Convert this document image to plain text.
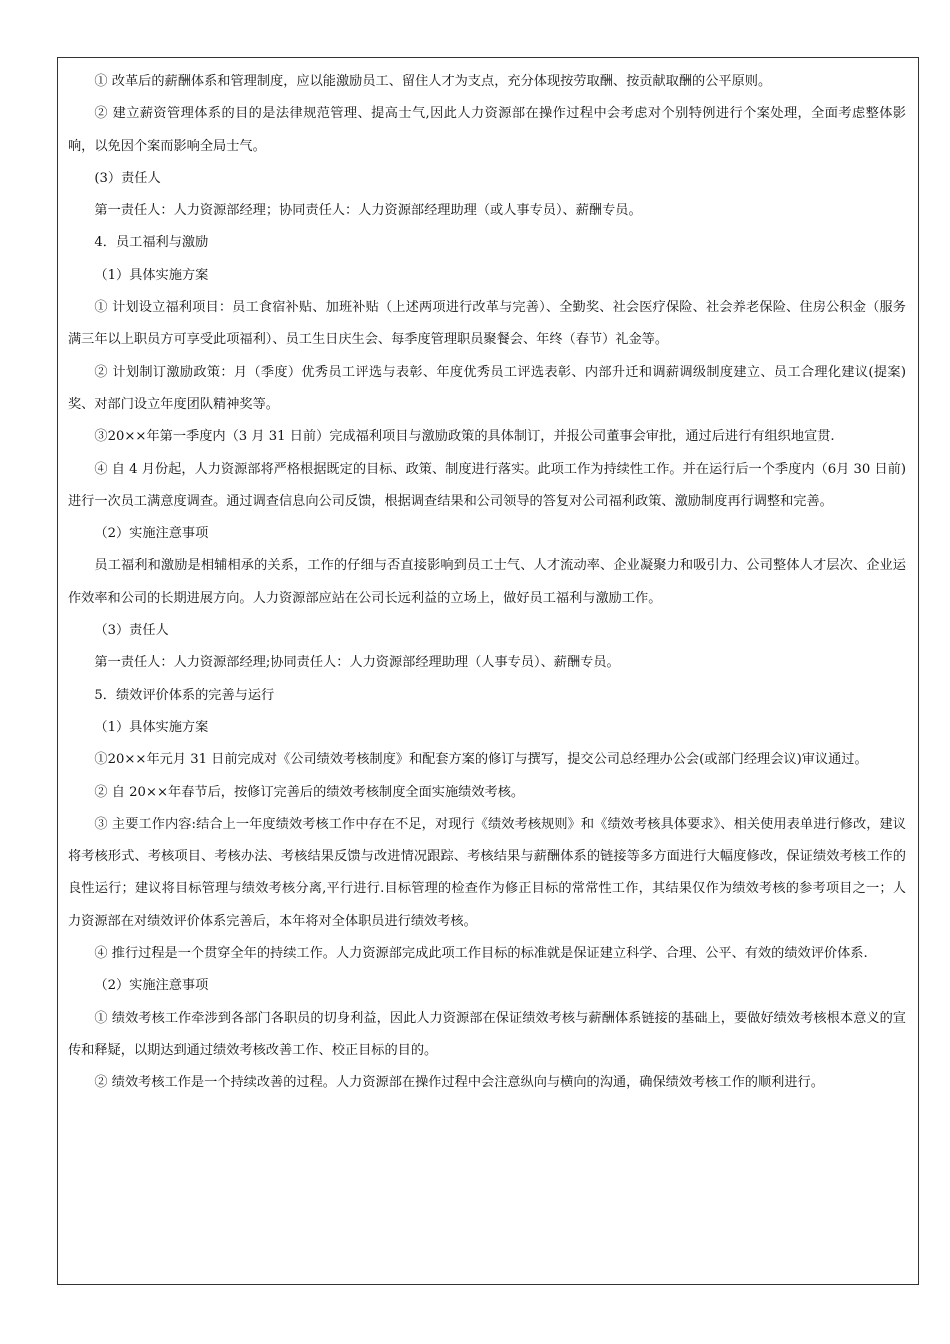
① 改革后的薪酬体系和管理制度，应以能激励员工、留住人才为支点，充分体现按劳取酬、按贡献取酬的公平原则。

② 建立薪资管理体系的目的是法律规范管理、提高士气,因此人力资源部在操作过程中会考虑对个别特例进行个案处理，全面考虑整体影响，以免因个案而影响全局士气。

(3）责任人

第一责任人：人力资源部经理；协同责任人：人力资源部经理助理（或人事专员）、薪酬专员。

4．员工福利与激励

（1）具体实施方案

① 计划设立福利项目：员工食宿补贴、加班补贴（上述两项进行改革与完善）、全勤奖、社会医疗保险、社会养老保险、住房公积金（服务满三年以上职员方可享受此项福利）、员工生日庆生会、每季度管理职员聚餐会、年终（春节）礼金等。

② 计划制订激励政策：月（季度）优秀员工评选与表彰、年度优秀员工评选表彰、内部升迁和调薪调级制度建立、员工合理化建议(提案)奖、对部门设立年度团队精神奖等。

③20××年第一季度内（3 月 31 日前）完成福利项目与激励政策的具体制订，并报公司董事会审批，通过后进行有组织地宣贯.

④ 自 4 月份起，人力资源部将严格根据既定的目标、政策、制度进行落实。此项工作为持续性工作。并在运行后一个季度内（6月 30 日前)进行一次员工满意度调查。通过调查信息向公司反馈，根据调查结果和公司领导的答复对公司福利政策、激励制度再行调整和完善。

（2）实施注意事项

员工福利和激励是相辅相承的关系，工作的仔细与否直接影响到员工士气、人才流动率、企业凝聚力和吸引力、公司整体人才层次、企业运作效率和公司的长期进展方向。人力资源部应站在公司长远利益的立场上，做好员工福利与激励工作。

（3）责任人

第一责任人：人力资源部经理;协同责任人：人力资源部经理助理（人事专员）、薪酬专员。

5．绩效评价体系的完善与运行

（1）具体实施方案

①20××年元月 31 日前完成对《公司绩效考核制度》和配套方案的修订与撰写，提交公司总经理办公会(或部门经理会议)审议通过。

② 自 20××年春节后，按修订完善后的绩效考核制度全面实施绩效考核。

③ 主要工作内容:结合上一年度绩效考核工作中存在不足，对现行《绩效考核规则》和《绩效考核具体要求》、相关使用表单进行修改，建议将考核形式、考核项目、考核办法、考核结果反馈与改进情况跟踪、考核结果与薪酬体系的链接等多方面进行大幅度修改，保证绩效考核工作的良性运行；建议将目标管理与绩效考核分离,平行进行.目标管理的检查作为修正目标的常常性工作，其结果仅作为绩效考核的参考项目之一；人力资源部在对绩效评价体系完善后，本年将对全体职员进行绩效考核。

④ 推行过程是一个贯穿全年的持续工作。人力资源部完成此项工作目标的标准就是保证建立科学、合理、公平、有效的绩效评价体系.

（2）实施注意事项

① 绩效考核工作牵涉到各部门各职员的切身利益，因此人力资源部在保证绩效考核与薪酬体系链接的基础上，要做好绩效考核根本意义的宣传和释疑，以期达到通过绩效考核改善工作、校正目标的目的。

② 绩效考核工作是一个持续改善的过程。人力资源部在操作过程中会注意纵向与横向的沟通，确保绩效考核工作的顺利进行。
